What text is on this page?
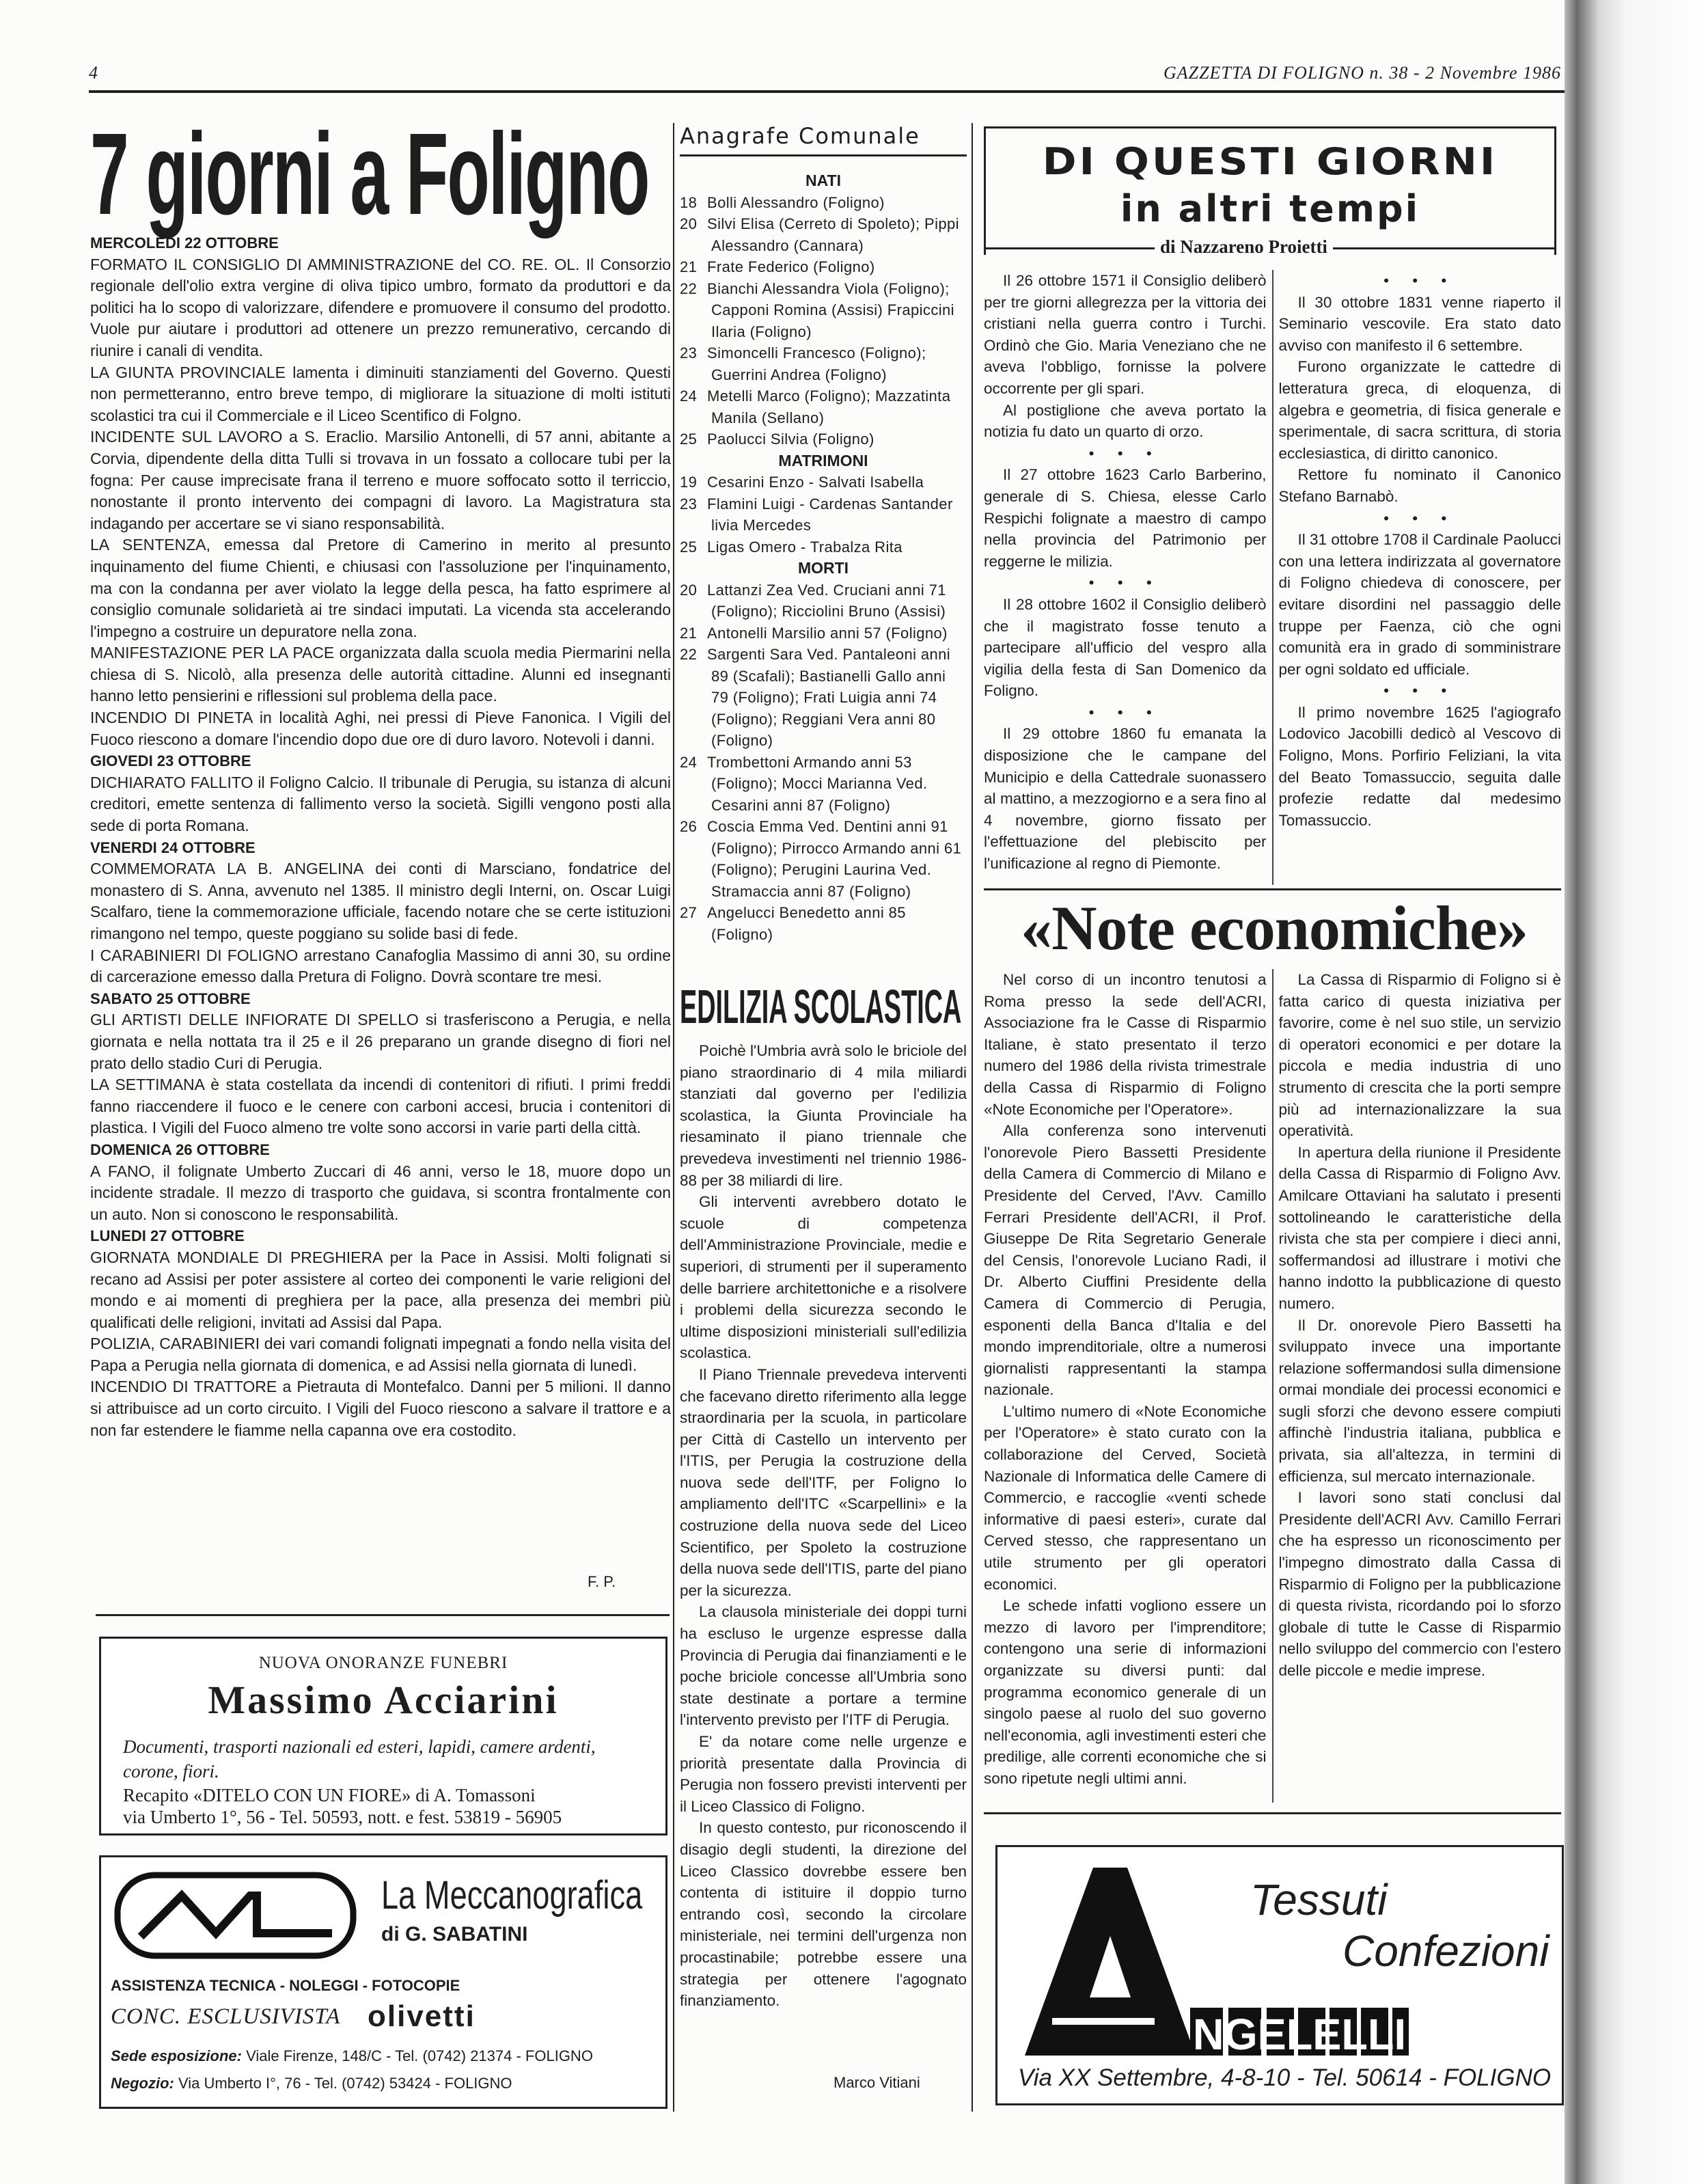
4	GAZZETTA DI FOLIGNO n. 38 - 2 Novembre 1986
7 giorni a Foligno

MERCOLEDI 22 OTTOBRE

FORMATO IL CONSIGLIO DI AMMINISTRAZIONE del CO. RE. OL. Il Consorzio regionale dell'olio extra vergine di oliva tipico umbro, formato da produttori e da politici ha lo scopo di valorizzare, difendere e promuovere il consumo del prodotto. Vuole pur aiutare i produttori ad ottenere un prezzo remunerativo, cercando di riunire i canali di vendita.

LA GIUNTA PROVINCIALE lamenta i diminuiti stanziamenti del Governo. Questi non permetteranno, entro breve tempo, di migliorare la situazione di molti istituti scolastici tra cui il Commerciale e il Liceo Scentifico di Folgno.

INCIDENTE SUL LAVORO a S. Eraclio. Marsilio Antonelli, di 57 anni, abitante a Corvia, dipendente della ditta Tulli si trovava in un fossato a collocare tubi per la fogna: Per cause imprecisate frana il terreno e muore soffocato sotto il terriccio, nonostante il pronto intervento dei compagni di lavoro. La Magistratura sta indagando per accertare se vi siano responsabilità.

LA SENTENZA, emessa dal Pretore di Camerino in merito al presunto inquinamento del fiume Chienti, e chiusasi con l'assoluzione per l'inquinamento, ma con la condanna per aver violato la legge della pesca, ha fatto esprimere al consiglio comunale solidarietà ai tre sindaci imputati. La vicenda sta accelerando l'impegno a costruire un depuratore nella zona.

MANIFESTAZIONE PER LA PACE organizzata dalla scuola media Piermarini nella chiesa di S. Nicolò, alla presenza delle autorità cittadine. Alunni ed insegnanti hanno letto pensierini e riflessioni sul problema della pace.

INCENDIO DI PINETA in località Aghi, nei pressi di Pieve Fanonica. I Vigili del Fuoco riescono a domare l'incendio dopo due ore di duro lavoro. Notevoli i danni.

GIOVEDI 23 OTTOBRE

DICHIARATO FALLITO il Foligno Calcio. Il tribunale di Perugia, su istanza di alcuni creditori, emette sentenza di fallimento verso la società. Sigilli vengono posti alla sede di porta Romana.

VENERDI 24 OTTOBRE

COMMEMORATA LA B. ANGELINA dei conti di Marsciano, fondatrice del monastero di S. Anna, avvenuto nel 1385. Il ministro degli Interni, on. Oscar Luigi Scalfaro, tiene la commemorazione ufficiale, facendo notare che se certe istituzioni rimangono nel tempo, queste poggiano su solide basi di fede.

I CARABINIERI DI FOLIGNO arrestano Canafoglia Massimo di anni 30, su ordine di carcerazione emesso dalla Pretura di Foligno. Dovrà scontare tre mesi.

SABATO 25 OTTOBRE

GLI ARTISTI DELLE INFIORATE DI SPELLO si trasferiscono a Perugia, e nella giornata e nella nottata tra il 25 e il 26 preparano un grande disegno di fiori nel prato dello stadio Curi di Perugia.

LA SETTIMANA è stata costellata da incendi di contenitori di rifiuti. I primi freddi fanno riaccendere il fuoco e le cenere con carboni accesi, brucia i contenitori di plastica. I Vigili del Fuoco almeno tre volte sono accorsi in varie parti della città.

DOMENICA 26 OTTOBRE

A FANO, il folignate Umberto Zuccari di 46 anni, verso le 18, muore dopo un incidente stradale. Il mezzo di trasporto che guidava, si scontra frontalmente con un auto. Non si conoscono le responsabilità.

LUNEDI 27 OTTOBRE

GIORNATA MONDIALE DI PREGHIERA per la Pace in Assisi. Molti folignati si recano ad Assisi per poter assistere al corteo dei componenti le varie religioni del mondo e ai momenti di preghiera per la pace, alla presenza dei membri più qualificati delle religioni, invitati ad Assisi dal Papa.

POLIZIA, CARABINIERI dei vari comandi folignati impegnati a fondo nella visita del Papa a Perugia nella giornata di domenica, e ad Assisi nella giornata di lunedì.

INCENDIO DI TRATTORE a Pietrauta di Montefalco. Danni per 5 milioni. Il danno si attribuisce ad un corto circuito. I Vigili del Fuoco riescono a salvare il trattore e a non far estendere le fiamme nella capanna ove era costodito.

F. P.
NUOVA ONORANZE FUNEBRI
Massimo Acciarini
Documenti, trasporti nazionali ed esteri, lapidi, camere ardenti, corone, fiori.
Recapito «DITELO CON UN FIORE» di A. Tomassoni
via Umberto 1°, 56 - Tel. 50593, nott. e fest. 53819 - 56905
La Meccanografica
di G. SABATINI
ASSISTENZA TECNICA - NOLEGGI - FOTOCOPIE
CONC. ESCLUSIVISTA olivetti
Sede esposizione: Viale Firenze, 148/C - Tel. (0742) 21374 - FOLIGNO
Negozio: Via Umberto I°, 76 - Tel. (0742) 53424 - FOLIGNO
Anagrafe Comunale
NATI
18 Bolli Alessandro (Foligno)
20 Silvi Elisa (Cerreto di Spoleto); Pippi Alessandro (Cannara)
21 Frate Federico (Foligno)
22 Bianchi Alessandra Viola (Foligno); Capponi Romina (Assisi) Frapiccini Ilaria (Foligno)
23 Simoncelli Francesco (Foligno); Guerrini Andrea (Foligno)
24 Metelli Marco (Foligno); Mazzatinta Manila (Sellano)
25 Paolucci Silvia (Foligno)
MATRIMONI
19 Cesarini Enzo - Salvati Isabella
23 Flamini Luigi - Cardenas Santander livia Mercedes
25 Ligas Omero - Trabalza Rita
MORTI
20 Lattanzi Zea Ved. Cruciani anni 71 (Foligno); Ricciolini Bruno (Assisi)
21 Antonelli Marsilio anni 57 (Foligno)
22 Sargenti Sara Ved. Pantaleoni anni 89 (Scafali); Bastianelli Gallo anni 79 (Foligno); Frati Luigia anni 74 (Foligno); Reggiani Vera anni 80 (Foligno)
24 Trombettoni Armando anni 53 (Foligno); Mocci Marianna Ved. Cesarini anni 87 (Foligno)
26 Coscia Emma Ved. Dentini anni 91 (Foligno); Pirrocco Armando anni 61 (Foligno); Perugini Laurina Ved. Stramaccia anni 87 (Foligno)
27 Angelucci Benedetto anni 85 (Foligno)
EDILIZIA SCOLASTICA

Poichè l'Umbria avrà solo le briciole del piano straordinario di 4 mila miliardi stanziati dal governo per l'edilizia scolastica, la Giunta Provinciale ha riesaminato il piano triennale che prevedeva investimenti nel triennio 1986-88 per 38 miliardi di lire.

Gli interventi avrebbero dotato le scuole di competenza dell'Amministrazione Provinciale, medie e superiori, di strumenti per il superamento delle barriere architettoniche e a risolvere i problemi della sicurezza secondo le ultime disposizioni ministeriali sull'edilizia scolastica.

Il Piano Triennale prevedeva interventi che facevano diretto riferimento alla legge straordinaria per la scuola, in particolare per Città di Castello un intervento per l'ITIS, per Perugia la costruzione della nuova sede dell'ITF, per Foligno lo ampliamento dell'ITC «Scarpellini» e la costruzione della nuova sede del Liceo Scientifico, per Spoleto la costruzione della nuova sede dell'ITIS, parte del piano per la sicurezza.

La clausola ministeriale dei doppi turni ha escluso le urgenze espresse dalla Provincia di Perugia dai finanziamenti e le poche briciole concesse all'Umbria sono state destinate a portare a termine l'intervento previsto per l'ITF di Perugia.

E' da notare come nelle urgenze e priorità presentate dalla Provincia di Perugia non fossero previsti interventi per il Liceo Classico di Foligno.

In questo contesto, pur riconoscendo il disagio degli studenti, la direzione del Liceo Classico dovrebbe essere ben contenta di istituire il doppio turno entrando così, secondo la circolare ministeriale, nei termini dell'urgenza non procastinabile; potrebbe essere una strategia per ottenere l'agognato finanziamento.

Marco Vitiani
DI QUESTI GIORNI
in altri tempi
di Nazzareno Proietti

Il 26 ottobre 1571 il Consiglio deliberò per tre giorni allegrezza per la vittoria dei cristiani nella guerra contro i Turchi. Ordinò che Gio. Maria Veneziano che ne aveva l'obbligo, fornisse la polvere occorrente per gli spari.

Al postiglione che aveva portato la notizia fu dato un quarto di orzo.

• • •

Il 27 ottobre 1623 Carlo Barberino, generale di S. Chiesa, elesse Carlo Respichi folignate a maestro di campo nella provincia del Patrimonio per reggerne le milizia.

• • •

Il 28 ottobre 1602 il Consiglio deliberò che il magistrato fosse tenuto a partecipare all'ufficio del vespro alla vigilia della festa di San Domenico da Foligno.

• • •

Il 29 ottobre 1860 fu emanata la disposizione che le campane del Municipio e della Cattedrale suonassero al mattino, a mezzogiorno e a sera fino al 4 novembre, giorno fissato per l'effettuazione del plebiscito per l'unificazione al regno di Piemonte.

• • •

Il 30 ottobre 1831 venne riaperto il Seminario vescovile. Era stato dato avviso con manifesto il 6 settembre.

Furono organizzate le cattedre di letteratura greca, di eloquenza, di algebra e geometria, di fisica generale e sperimentale, di sacra scrittura, di storia ecclesiastica, di diritto canonico.

Rettore fu nominato il Canonico Stefano Barnabò.

• • •

Il 31 ottobre 1708 il Cardinale Paolucci con una lettera indirizzata al governatore di Foligno chiedeva di conoscere, per evitare disordini nel passaggio delle truppe per Faenza, ciò che ogni comunità era in grado di somministrare per ogni soldato ed ufficiale.

• • •

Il primo novembre 1625 l'agiografo Lodovico Jacobilli dedicò al Vescovo di Foligno, Mons. Porfirio Feliziani, la vita del Beato Tomassuccio, seguita dalle profezie redatte dal medesimo Tomassuccio.

«Note economiche»

Nel corso di un incontro tenutosi a Roma presso la sede dell'ACRI, Associazione fra le Casse di Risparmio Italiane, è stato presentato il terzo numero del 1986 della rivista trimestrale della Cassa di Risparmio di Foligno «Note Economiche per l'Operatore».

Alla conferenza sono intervenuti l'onorevole Piero Bassetti Presidente della Camera di Commercio di Milano e Presidente del Cerved, l'Avv. Camillo Ferrari Presidente dell'ACRI, il Prof. Giuseppe De Rita Segretario Generale del Censis, l'onorevole Luciano Radi, il Dr. Alberto Ciuffini Presidente della Camera di Commercio di Perugia, esponenti della Banca d'Italia e del mondo imprenditoriale, oltre a numerosi giornalisti rappresentanti la stampa nazionale.

L'ultimo numero di «Note Economiche per l'Operatore» è stato curato con la collaborazione del Cerved, Società Nazionale di Informatica delle Camere di Commercio, e raccoglie «venti schede informative di paesi esteri», curate dal Cerved stesso, che rappresentano un utile strumento per gli operatori economici.

Le schede infatti vogliono essere un mezzo di lavoro per l'imprenditore; contengono una serie di informazioni organizzate su diversi punti: dal programma economico generale di un singolo paese al ruolo del suo governo nell'economia, agli investimenti esteri che predilige, alle correnti economiche che si sono ripetute negli ultimi anni.

La Cassa di Risparmio di Foligno si è fatta carico di questa iniziativa per favorire, come è nel suo stile, un servizio di operatori economici e per dotare la piccola e media industria di uno strumento di crescita che la porti sempre più ad internazionalizzare la sua operatività.

In apertura della riunione il Presidente della Cassa di Risparmio di Foligno Avv. Amilcare Ottaviani ha salutato i presenti sottolineando le caratteristiche della rivista che sta per compiere i dieci anni, soffermandosi ad illustrare i motivi che hanno indotto la pubblicazione di questo numero.

Il Dr. onorevole Piero Bassetti ha sviluppato invece una importante relazione soffermandosi sulla dimensione ormai mondiale dei processi economici e sugli sforzi che devono essere compiuti affinchè l'industria italiana, pubblica e privata, sia all'altezza, in termini di efficienza, sul mercato internazionale.

I lavori sono stati conclusi dal Presidente dell'ACRI Avv. Camillo Ferrari che ha espresso un riconoscimento per l'impegno dimostrato dalla Cassa di Risparmio di Foligno per la pubblicazione di questa rivista, ricordando poi lo sforzo globale di tutte le Casse di Risparmio nello sviluppo del commercio con l'estero delle piccole e medie imprese.

NGELELLI
Tessuti
Confezioni
Via XX Settembre, 4-8-10 - Tel. 50614 - FOLIGNO
